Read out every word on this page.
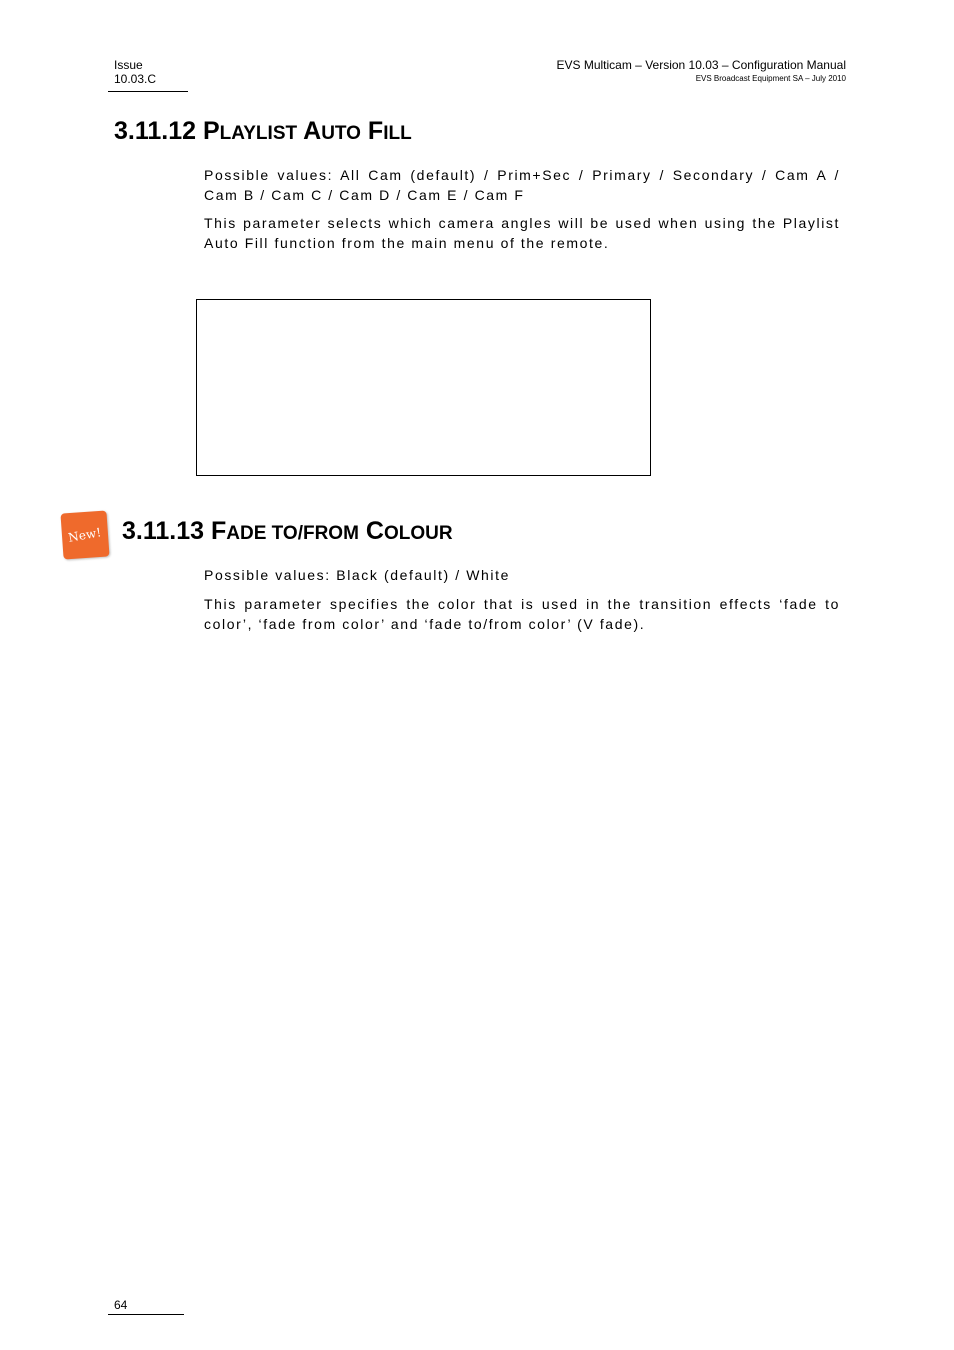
Issue
10.03.C
EVS Multicam – Version 10.03 – Configuration Manual
EVS Broadcast Equipment SA – July 2010
3.11.12 PLAYLIST AUTO FILL

Possible values: All Cam (default) / Prim+Sec / Primary / Secondary / Cam A / Cam B / Cam C / Cam D / Cam E / Cam F

This parameter selects which camera angles will be used when using the Playlist Auto Fill function from the main menu of the remote.

New! 3.11.13 FADE TO/FROM COLOUR

Possible values: Black (default) / White

This parameter specifies the color that is used in the transition effects ‘fade to color’, ‘fade from color’ and ‘fade to/from color’ (V fade).

64
